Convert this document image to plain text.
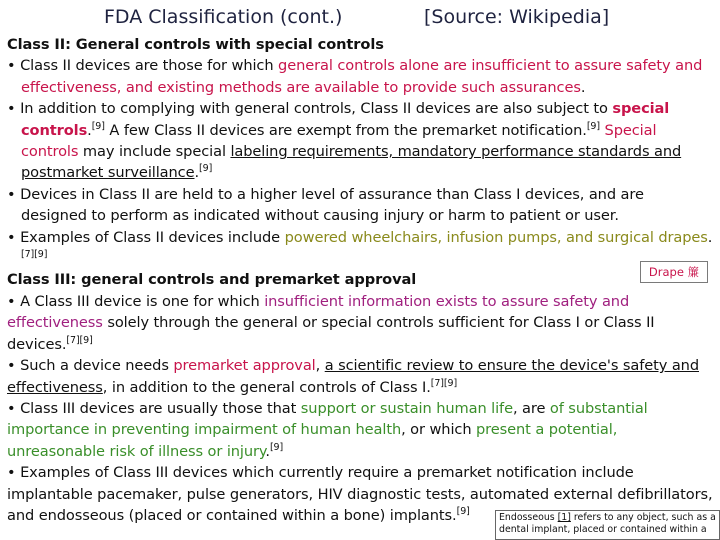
FDA Classification (cont.)	[Source: Wikipedia]

Class II: General controls with special controls

• Class II devices are those for which general controls alone are insufficient to assure safety and effectiveness, and existing methods are available to provide such assurances.

• In addition to complying with general controls, Class II devices are also subject to special controls.[9] A few Class II devices are exempt from the premarket notification.[9] Special controls may include special labeling requirements, mandatory performance standards and postmarket surveillance.[9]

• Devices in Class II are held to a higher level of assurance than Class I devices, and are designed to perform as indicated without causing injury or harm to patient or user.

• Examples of Class II devices include powered wheelchairs, infusion pumps, and surgical drapes.[7][9]

Class III: general controls and premarket approval

• A Class III device is one for which insufficient information exists to assure safety and effectiveness solely through the general or special controls sufficient for Class I or Class II devices.[7][9]

• Such a device needs premarket approval, a scientific review to ensure the device's safety and effectiveness, in addition to the general controls of Class I.[7][9]

• Class III devices are usually those that support or sustain human life, are of substantial importance in preventing impairment of human health, or which present a potential, unreasonable risk of illness or injury.[9]

• Examples of Class III devices which currently require a premarket notification include implantable pacemaker, pulse generators, HIV diagnostic tests, automated external defibrillators, and endosseous (placed or contained within a bone) implants.[9]

Drape 簾
Endosseous [1] refers to any object, such as a dental implant, placed or contained within a
